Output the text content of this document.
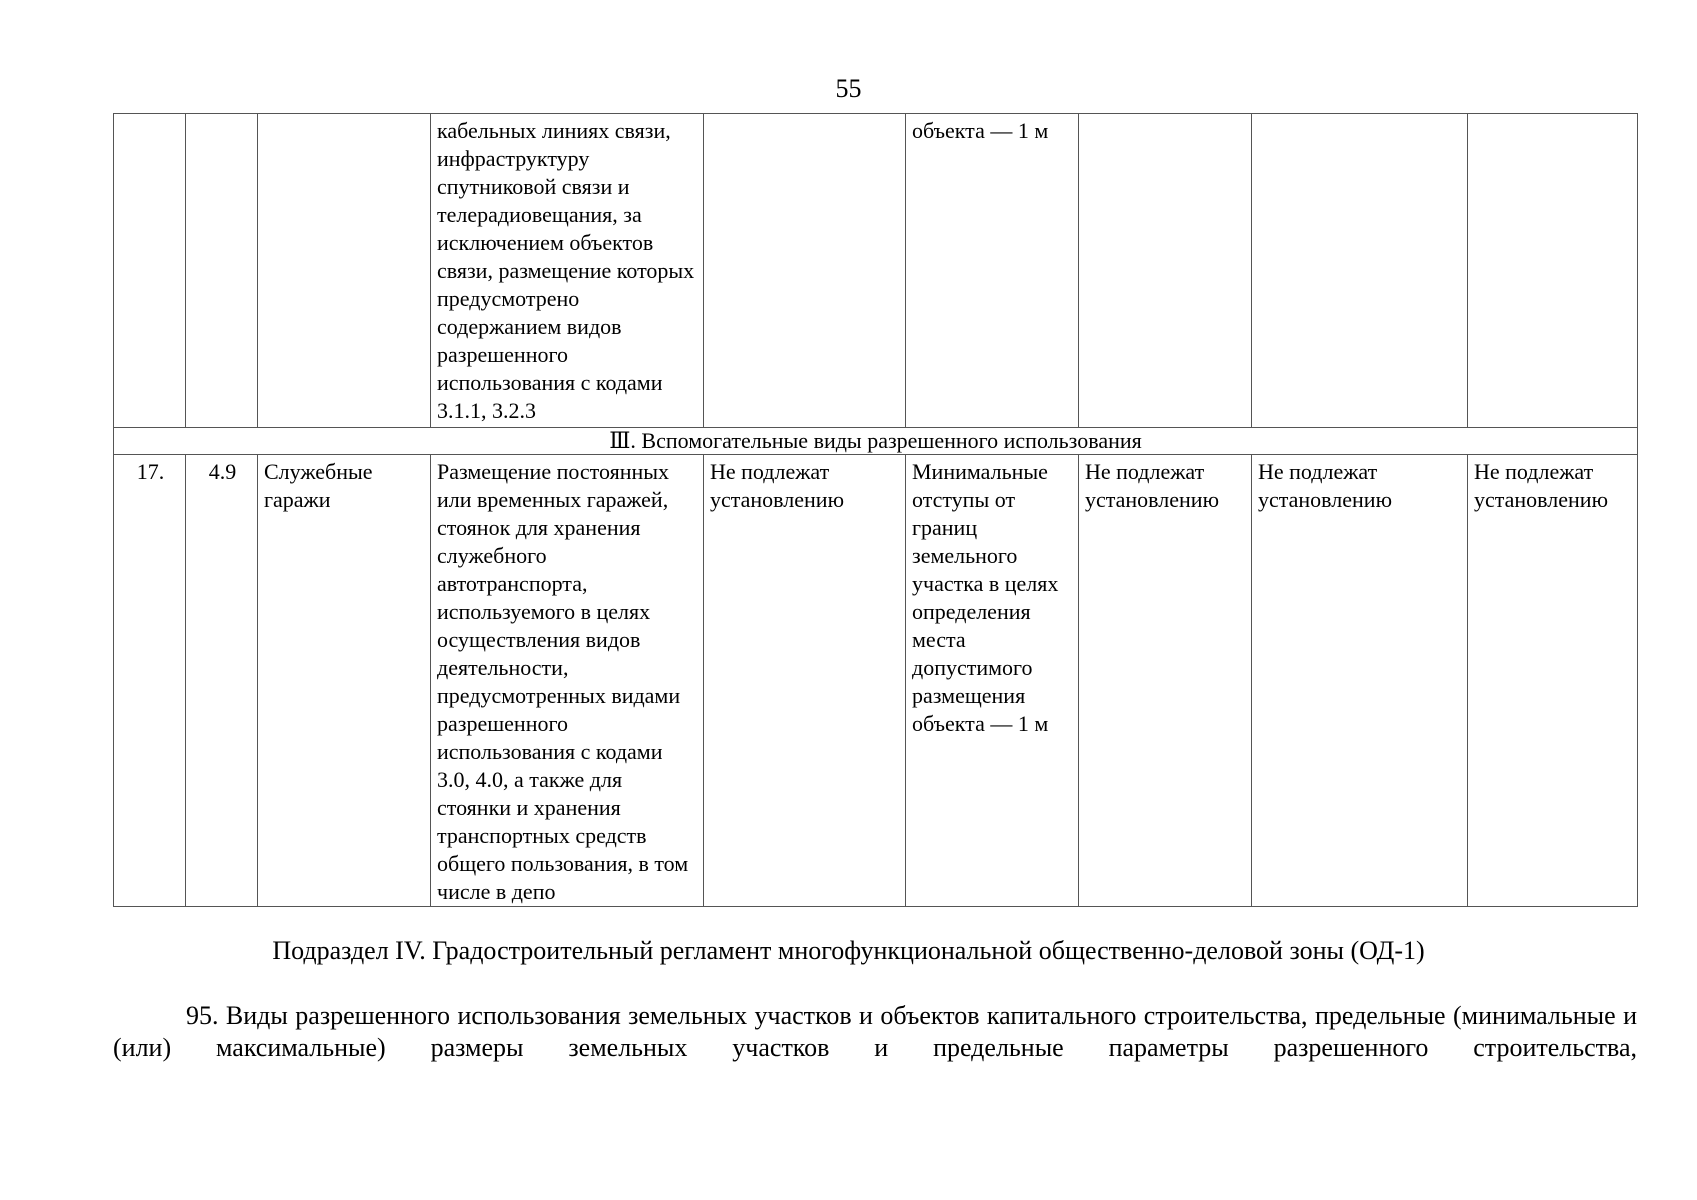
55
			кабельных линиях связи, инфраструктуру спутниковой связи и телерадиовещания, за исключением объектов связи, размещение которых предусмотрено содержанием видов разрешенного использования с кодами 3.1.1, 3.2.3		объекта — 1 м			
Ⅲ. Вспомогательные виды разрешенного использования								
17.	4.9	Служебные гаражи	Размещение постоянных или временных гаражей, стоянок для хранения служебного автотранспорта, используемого в целях осуществления видов деятельности, предусмотренных видами разрешенного использования с кодами 3.0, 4.0, а также для стоянки и хранения транспортных средств общего пользования, в том числе в депо	Не подлежат установлению	Минимальные отступы от границ земельного участка в целях определения места допустимого размещения объекта — 1 м	Не подлежат установлению	Не подлежат установлению	Не подлежат установлению
Подраздел IV. Градостроительный регламент многофункциональной общественно-деловой зоны (ОД-1)
95. Виды разрешенного использования земельных участков и объектов капитального строительства, предельные (минимальные и (или) максимальные) размеры земельных участков и предельные параметры разрешенного строительства,
